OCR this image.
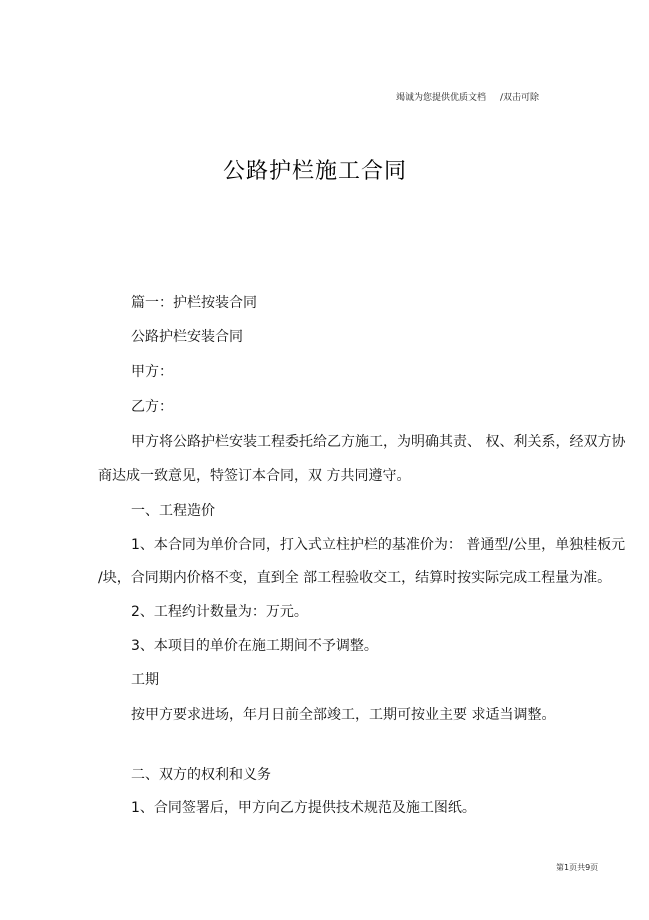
竭诚为您提供优质文档 /双击可除
公路护栏施工合同
篇一：护栏按装合同
公路护栏安装合同
甲方：
乙方：
甲方将公路护栏安装工程委托给乙方施工，为明确其责、 权、利关系，经双方协
商达成一致意见，特签订本合同，双 方共同遵守。
一、工程造价
1、本合同为单价合同，打入式立柱护栏的基准价为： 普通型/公里，单独桂板元
/块，合同期内价格不变，直到全 部工程验收交工，结算时按实际完成工程量为准。
2、工程约计数量为：万元。
3、本项目的单价在施工期间不予调整。
工期
按甲方要求进场，年月日前全部竣工，工期可按业主要 求适当调整。
二、双方的权利和义务
1、合同签署后，甲方向乙方提供技术规范及施工图纸。
第1页共9页
